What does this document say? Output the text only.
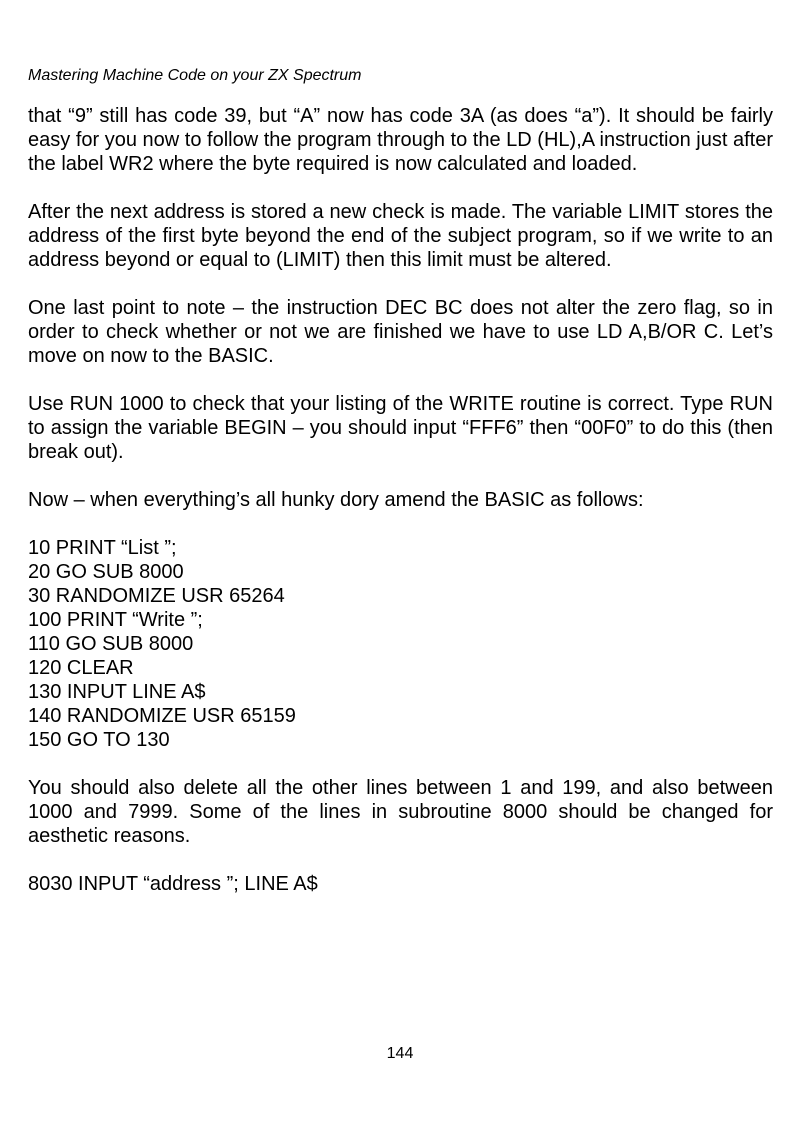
Mastering Machine Code on your ZX Spectrum

that “9” still has code 39, but “A” now has code 3A (as does “a”). It should be fairly easy for you now to follow the program through to the LD (HL),A instruction just after the label WR2 where the byte required is now calculated and loaded.

After the next address is stored a new check is made. The variable LIMIT stores the address of the first byte beyond the end of the subject program, so if we write to an address beyond or equal to (LIMIT) then this limit must be altered.

One last point to note – the instruction DEC BC does not alter the zero flag, so in order to check whether or not we are finished we have to use LD A,B/OR C. Let’s move on now to the BASIC.

Use RUN 1000 to check that your listing of the WRITE routine is correct. Type RUN to assign the variable BEGIN – you should input “FFF6” then “00F0” to do this (then break out).

Now – when everything’s all hunky dory amend the BASIC as follows:

10 PRINT “List ”;
20 GO SUB 8000
30 RANDOMIZE USR 65264
100 PRINT “Write ”;
110 GO SUB 8000
120 CLEAR
130 INPUT LINE A$
140 RANDOMIZE USR 65159
150 GO TO 130

You should also delete all the other lines between 1 and 199, and also between 1000 and 7999. Some of the lines in subroutine 8000 should be changed for aesthetic reasons.

8030 INPUT “address ”; LINE A$

144
